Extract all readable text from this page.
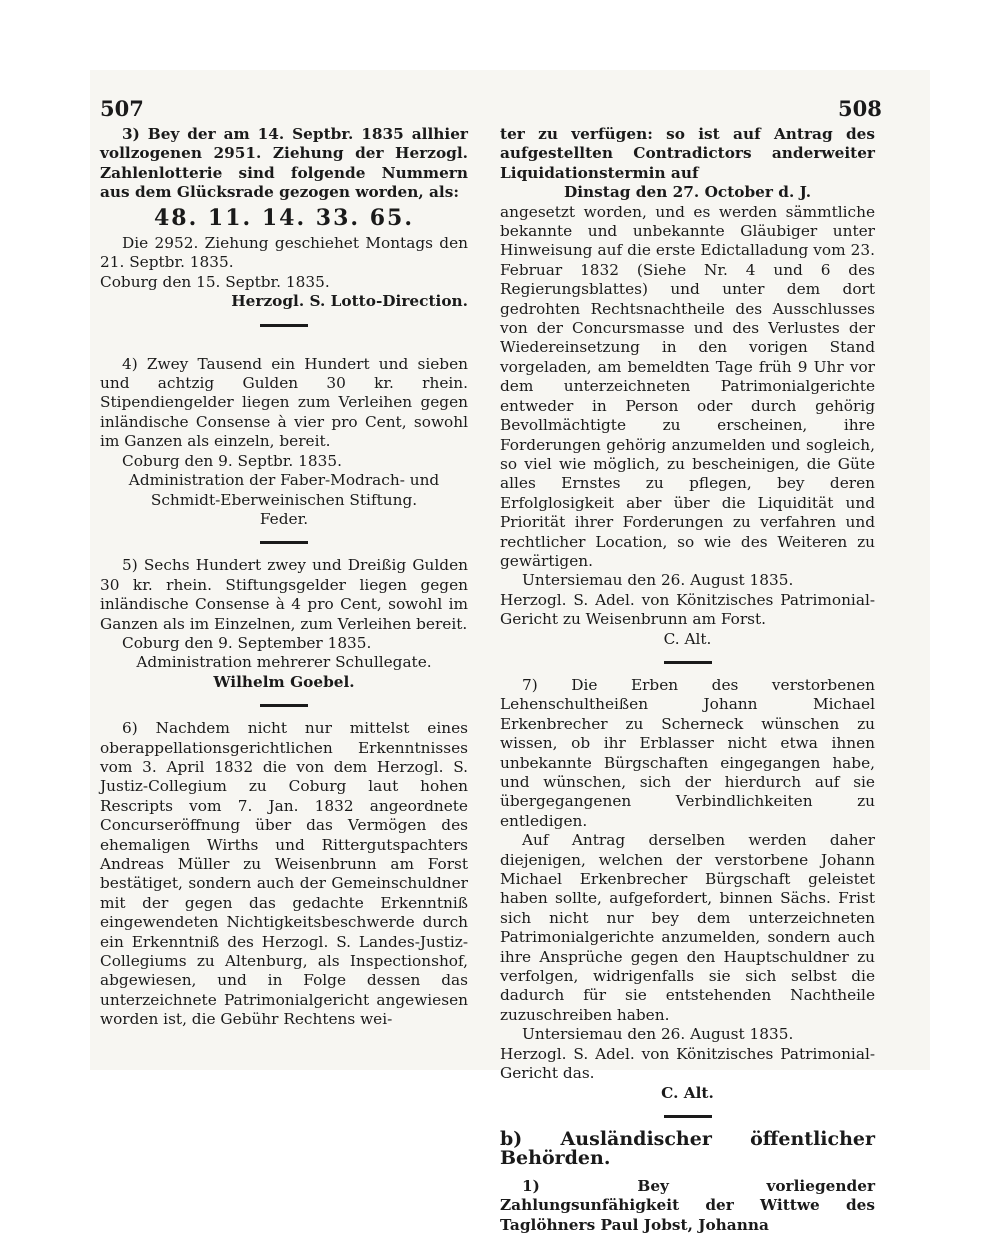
507	508

3) Bey der am 14. Septbr. 1835 allhier vollzogenen 2951. Ziehung der Herzogl. Zahlenlotterie sind folgende Nummern aus dem Glücksrade gezogen worden, als:

48. 11. 14. 33. 65.

Die 2952. Ziehung geschiehet Montags den 21. Septbr. 1835.

Coburg den 15. Septbr. 1835.

Herzogl. S. Lotto-Direction.

4) Zwey Tausend ein Hundert und sieben und achtzig Gulden 30 kr. rhein. Stipendiengelder liegen zum Verleihen gegen inländische Consense à vier pro Cent, sowohl im Ganzen als einzeln, bereit.

Coburg den 9. Septbr. 1835.

Administration der Faber-Modrach- und Schmidt-Eberweinischen Stiftung.

Feder.

5) Sechs Hundert zwey und Dreißig Gulden 30 kr. rhein. Stiftungsgelder liegen gegen inländische Consense à 4 pro Cent, sowohl im Ganzen als im Einzelnen, zum Verleihen bereit.

Coburg den 9. September 1835.

Administration mehrerer Schullegate.

Wilhelm Goebel.

6) Nachdem nicht nur mittelst eines oberappellationsgerichtlichen Erkenntnisses vom 3. April 1832 die von dem Herzogl. S. Justiz-Collegium zu Coburg laut hohen Rescripts vom 7. Jan. 1832 angeordnete Concurseröffnung über das Vermögen des ehemaligen Wirths und Rittergutspachters Andreas Müller zu Weisenbrunn am Forst bestätiget, sondern auch der Gemeinschuldner mit der gegen das gedachte Erkenntniß eingewendeten Nichtigkeitsbeschwerde durch ein Erkenntniß des Herzogl. S. Landes-Justiz-Collegiums zu Altenburg, als Inspectionshof, abgewiesen, und in Folge dessen das unterzeichnete Patrimonialgericht angewiesen worden ist, die Gebühr Rechtens wei-

ter zu verfügen: so ist auf Antrag des aufgestellten Contradictors anderweiter Liquidationstermin auf

Dinstag den 27. October d. J.

angesetzt worden, und es werden sämmtliche bekannte und unbekannte Gläubiger unter Hinweisung auf die erste Edictalladung vom 23. Februar 1832 (Siehe Nr. 4 und 6 des Regierungsblattes) und unter dem dort gedrohten Rechtsnachtheile des Ausschlusses von der Concursmasse und des Verlustes der Wiedereinsetzung in den vorigen Stand vorgeladen, am bemeldten Tage früh 9 Uhr vor dem unterzeichneten Patrimonialgerichte entweder in Person oder durch gehörig Bevollmächtigte zu erscheinen, ihre Forderungen gehörig anzumelden und sogleich, so viel wie möglich, zu bescheinigen, die Güte alles Ernstes zu pflegen, bey deren Erfolglosigkeit aber über die Liquidität und Priorität ihrer Forderungen zu verfahren und rechtlicher Location, so wie des Weiteren zu gewärtigen.

Untersiemau den 26. August 1835.

Herzogl. S. Adel. von Könitzisches Patrimonial-Gericht zu Weisenbrunn am Forst.

C. Alt.

7) Die Erben des verstorbenen Lehenschultheißen Johann Michael Erkenbrecher zu Scherneck wünschen zu wissen, ob ihr Erblasser nicht etwa ihnen unbekannte Bürgschaften eingegangen habe, und wünschen, sich der hierdurch auf sie übergegangenen Verbindlichkeiten zu entledigen.

Auf Antrag derselben werden daher diejenigen, welchen der verstorbene Johann Michael Erkenbrecher Bürgschaft geleistet haben sollte, aufgefordert, binnen Sächs. Frist sich nicht nur bey dem unterzeichneten Patrimonialgerichte anzumelden, sondern auch ihre Ansprüche gegen den Hauptschuldner zu verfolgen, widrigenfalls sie sich selbst die dadurch für sie entstehenden Nachtheile zuzuschreiben haben.

Untersiemau den 26. August 1835.

Herzogl. S. Adel. von Könitzisches Patrimonial-Gericht das.

C. Alt.

b) Ausländischer öffentlicher Behörden.

1) Bey vorliegender Zahlungsunfähigkeit der Wittwe des Taglöhners Paul Jobst, Johanna
